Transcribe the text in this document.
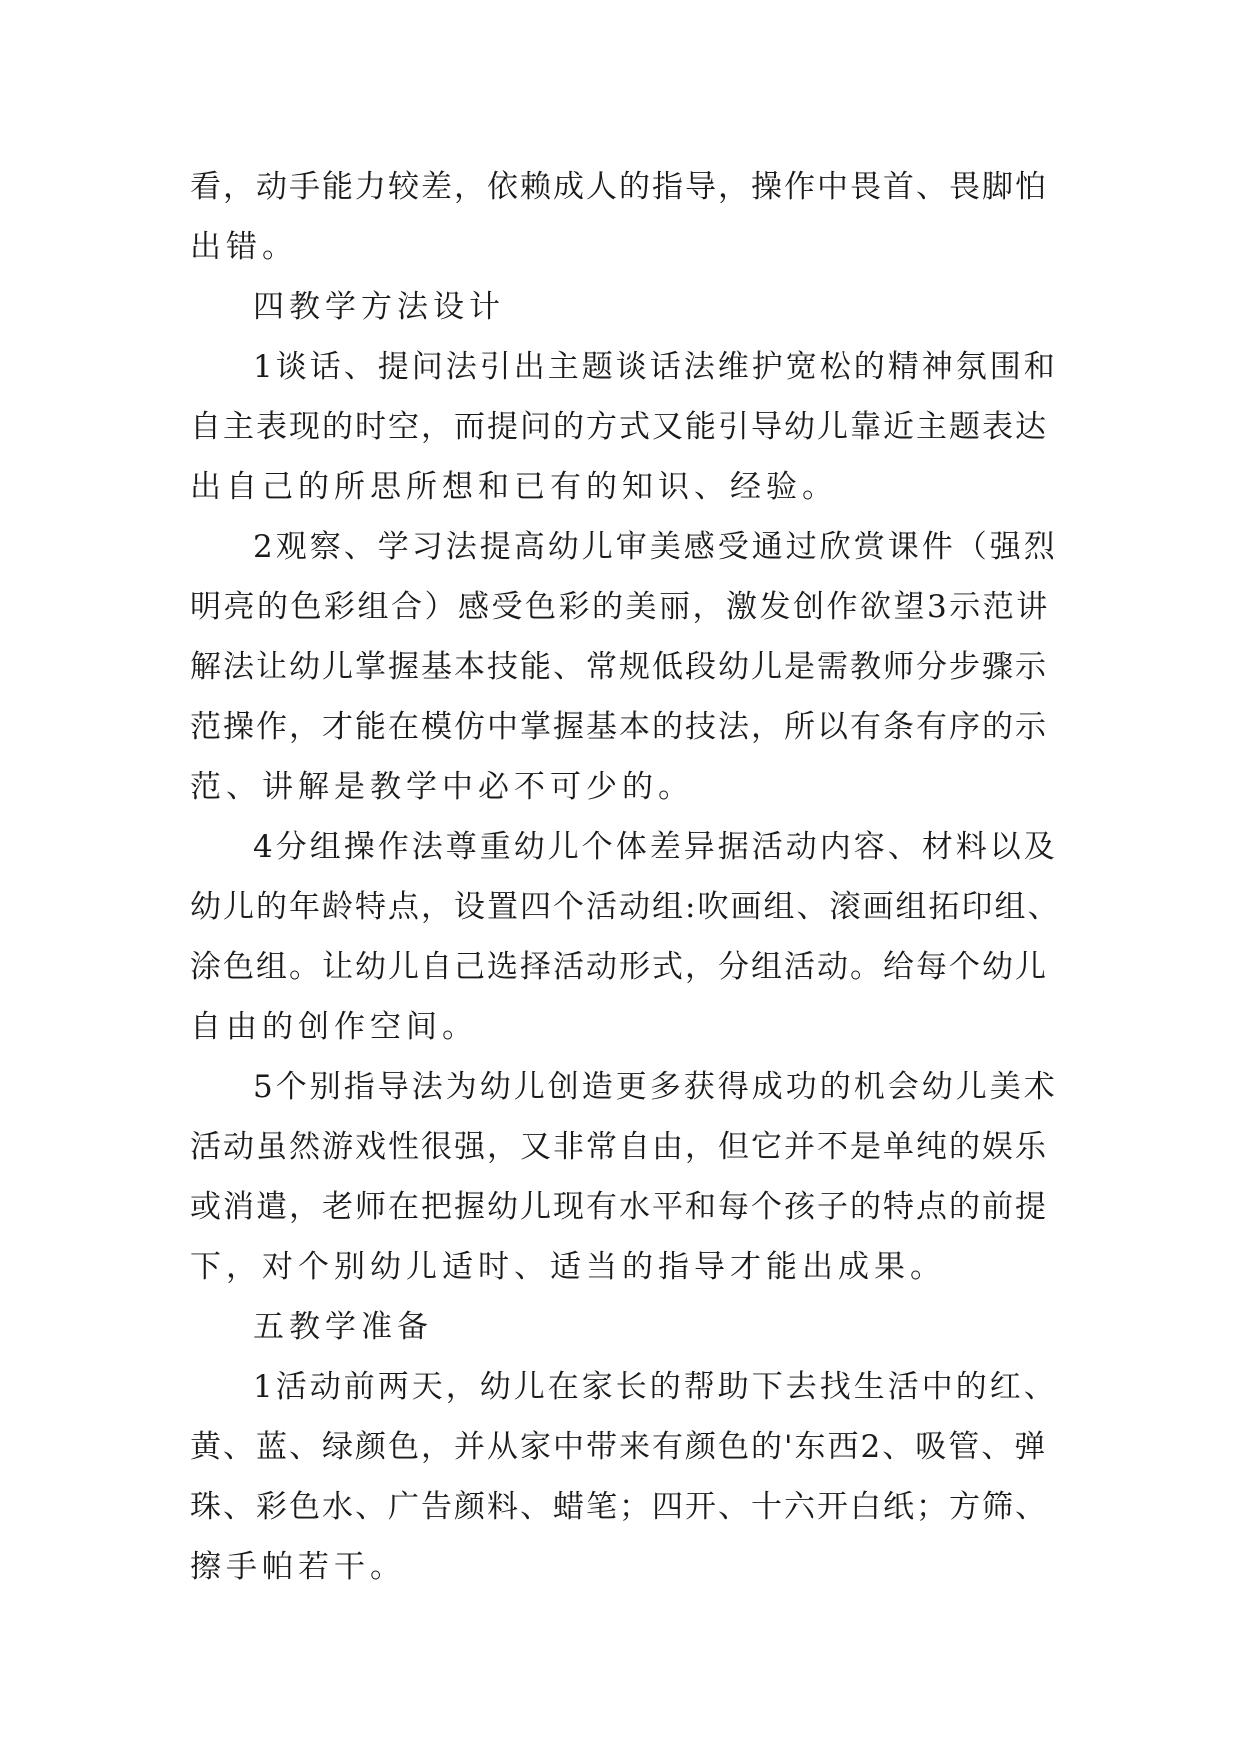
看，动手能力较差，依赖成人的指导，操作中畏首、畏脚怕
出错。
四教学方法设计
1谈话、提问法引出主题谈话法维护宽松的精神氛围和
自主表现的时空，而提问的方式又能引导幼儿靠近主题表达
出自己的所思所想和已有的知识、经验。
2观察、学习法提高幼儿审美感受通过欣赏课件（强烈
明亮的色彩组合）感受色彩的美丽，激发创作欲望3示范讲
解法让幼儿掌握基本技能、常规低段幼儿是需教师分步骤示
范操作，才能在模仿中掌握基本的技法，所以有条有序的示
范、讲解是教学中必不可少的。
4分组操作法尊重幼儿个体差异据活动内容、材料以及
幼儿的年龄特点，设置四个活动组:吹画组、滚画组拓印组、
涂色组。让幼儿自己选择活动形式，分组活动。给每个幼儿
自由的创作空间。
5个别指导法为幼儿创造更多获得成功的机会幼儿美术
活动虽然游戏性很强，又非常自由，但它并不是单纯的娱乐
或消遣，老师在把握幼儿现有水平和每个孩子的特点的前提
下，对个别幼儿适时、适当的指导才能出成果。
五教学准备
1活动前两天，幼儿在家长的帮助下去找生活中的红、
黄、蓝、绿颜色，并从家中带来有颜色的'东西2、吸管、弹
珠、彩色水、广告颜料、蜡笔；四开、十六开白纸；方筛、
擦手帕若干。
